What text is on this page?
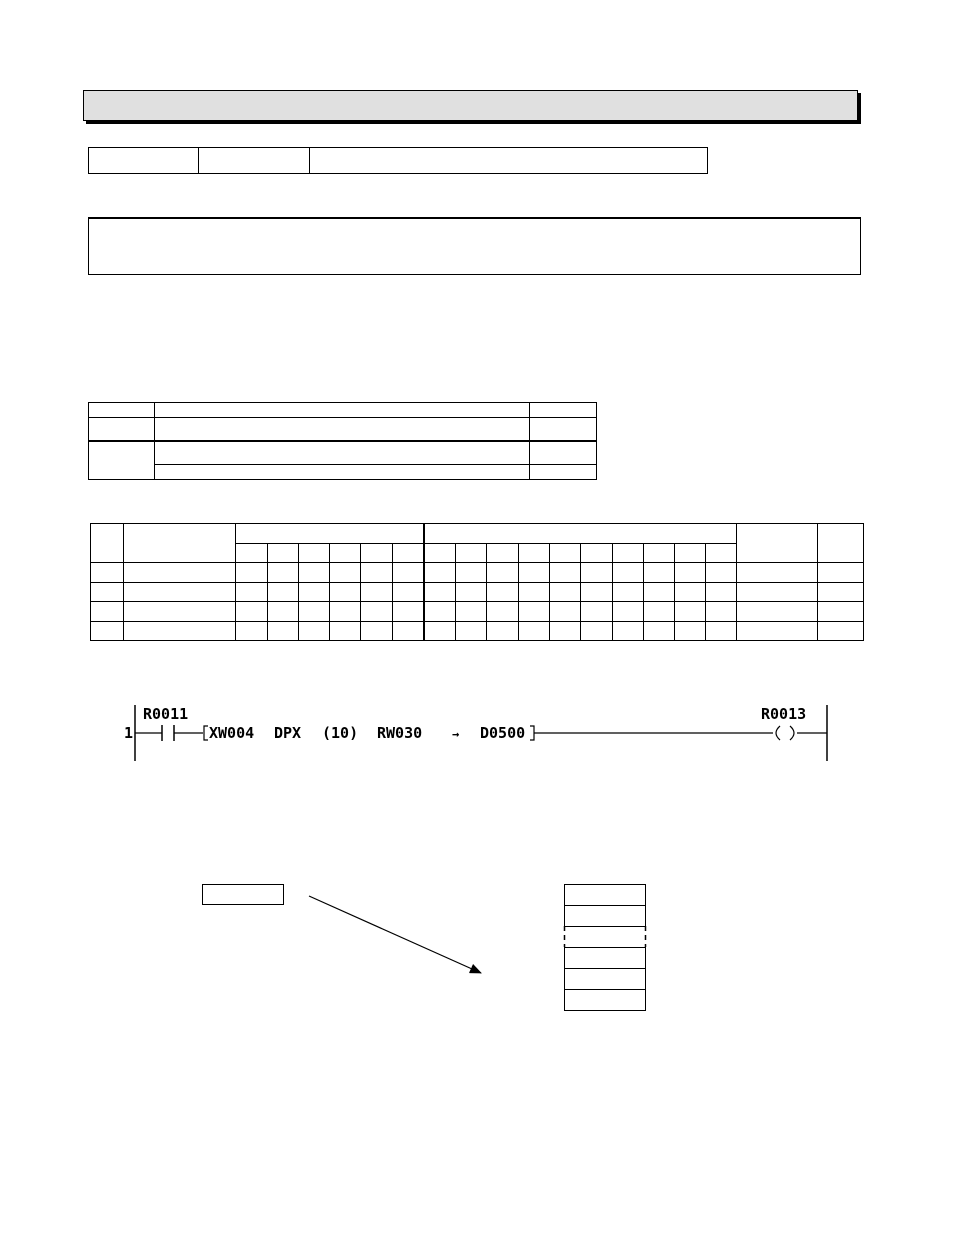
1
R0011
XW004 DPX (10) RW030 → D0500
R0013
